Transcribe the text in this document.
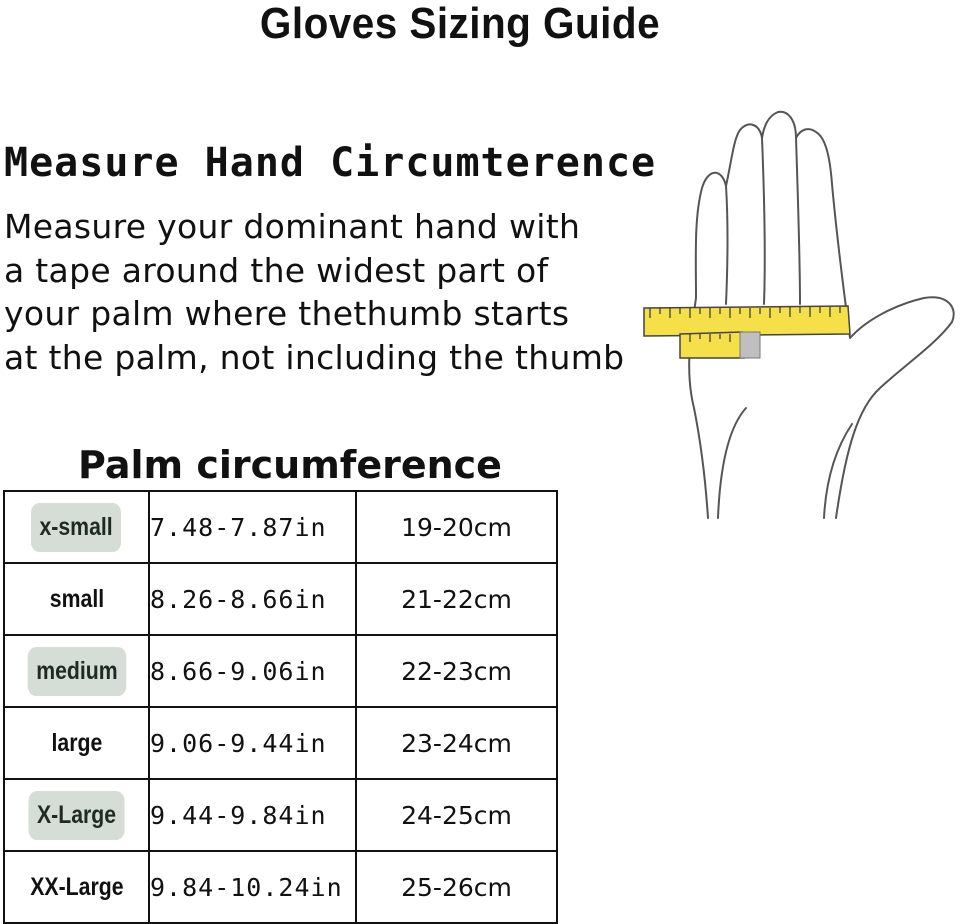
Gloves Sizing Guide
Measure Hand Circumterence
Measure your dominant hand with
a tape around the widest part of
your palm where thethumb starts
at the palm, not including the thumb
Palm circumference
x-small	7.48-7.87in	19-20cm
small	8.26-8.66in	21-22cm
medium	8.66-9.06in	22-23cm
large	9.06-9.44in	23-24cm
X-Large	9.44-9.84in	24-25cm
XX-Large	9.84-10.24in	25-26cm
